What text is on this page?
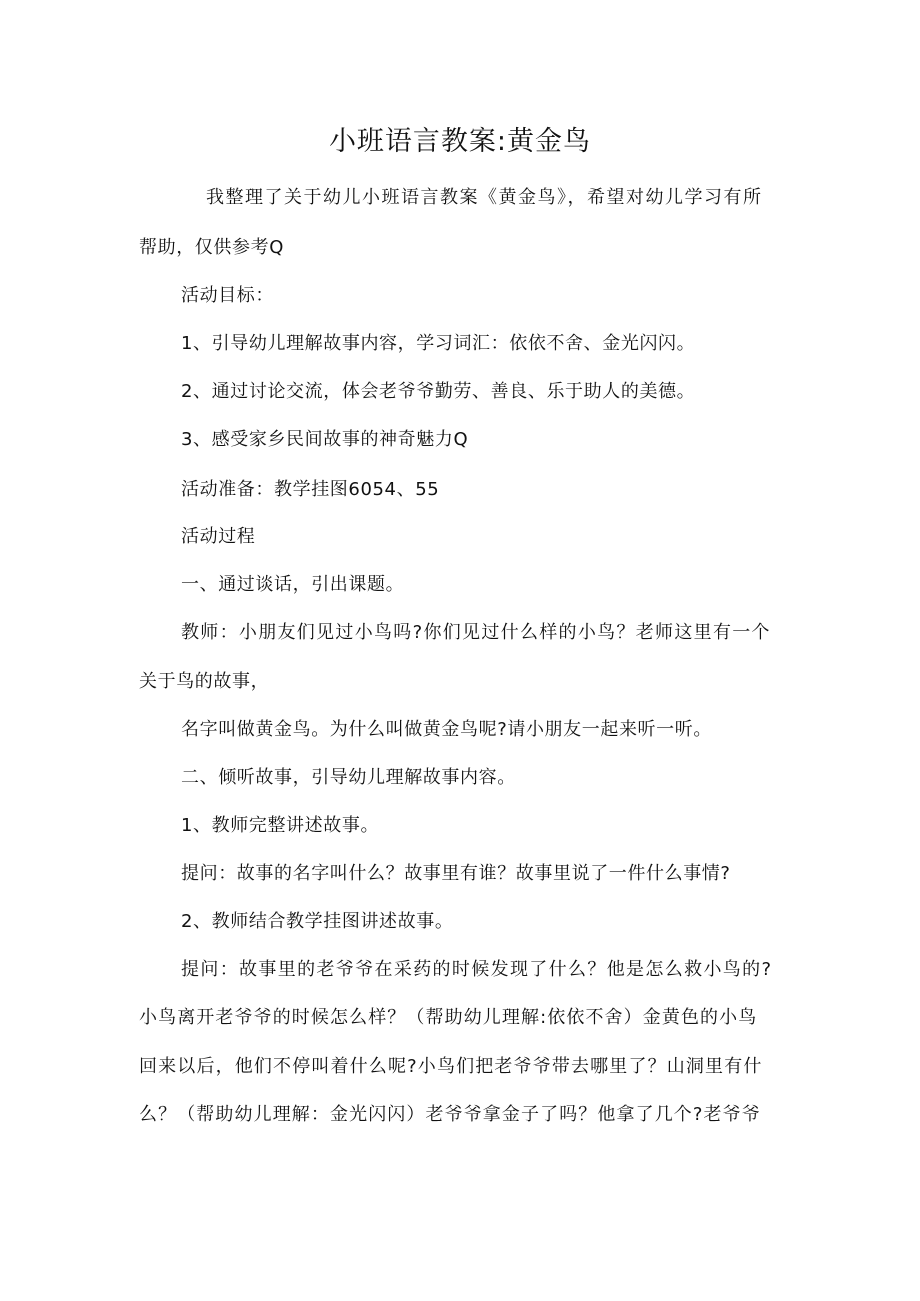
小班语言教案:黄金鸟

我整理了关于幼儿小班语言教案《黄金鸟》，希望对幼儿学习有所

帮助，仅供参考Q

活动目标：

1、引导幼儿理解故事内容，学习词汇：依依不舍、金光闪闪。

2、通过讨论交流，体会老爷爷勤劳、善良、乐于助人的美德。

3、感受家乡民间故事的神奇魅力Q

活动准备：教学挂图6054、55

活动过程

一、通过谈话，引出课题。

教师：小朋友们见过小鸟吗?你们见过什么样的小鸟？老师这里有一个

关于鸟的故事，

名字叫做黄金鸟。为什么叫做黄金鸟呢?请小朋友一起来听一听。

二、倾听故事，引导幼儿理解故事内容。

1、教师完整讲述故事。

提问：故事的名字叫什么？故事里有谁？故事里说了一件什么事情?

2、教师结合教学挂图讲述故事。

提问：故事里的老爷爷在采药的时候发现了什么？他是怎么救小鸟的?

小鸟离开老爷爷的时候怎么样？（帮助幼儿理解:依依不舍）金黄色的小鸟

回来以后，他们不停叫着什么呢?小鸟们把老爷爷带去哪里了？山洞里有什

么？（帮助幼儿理解：金光闪闪）老爷爷拿金子了吗？他拿了几个?老爷爷
